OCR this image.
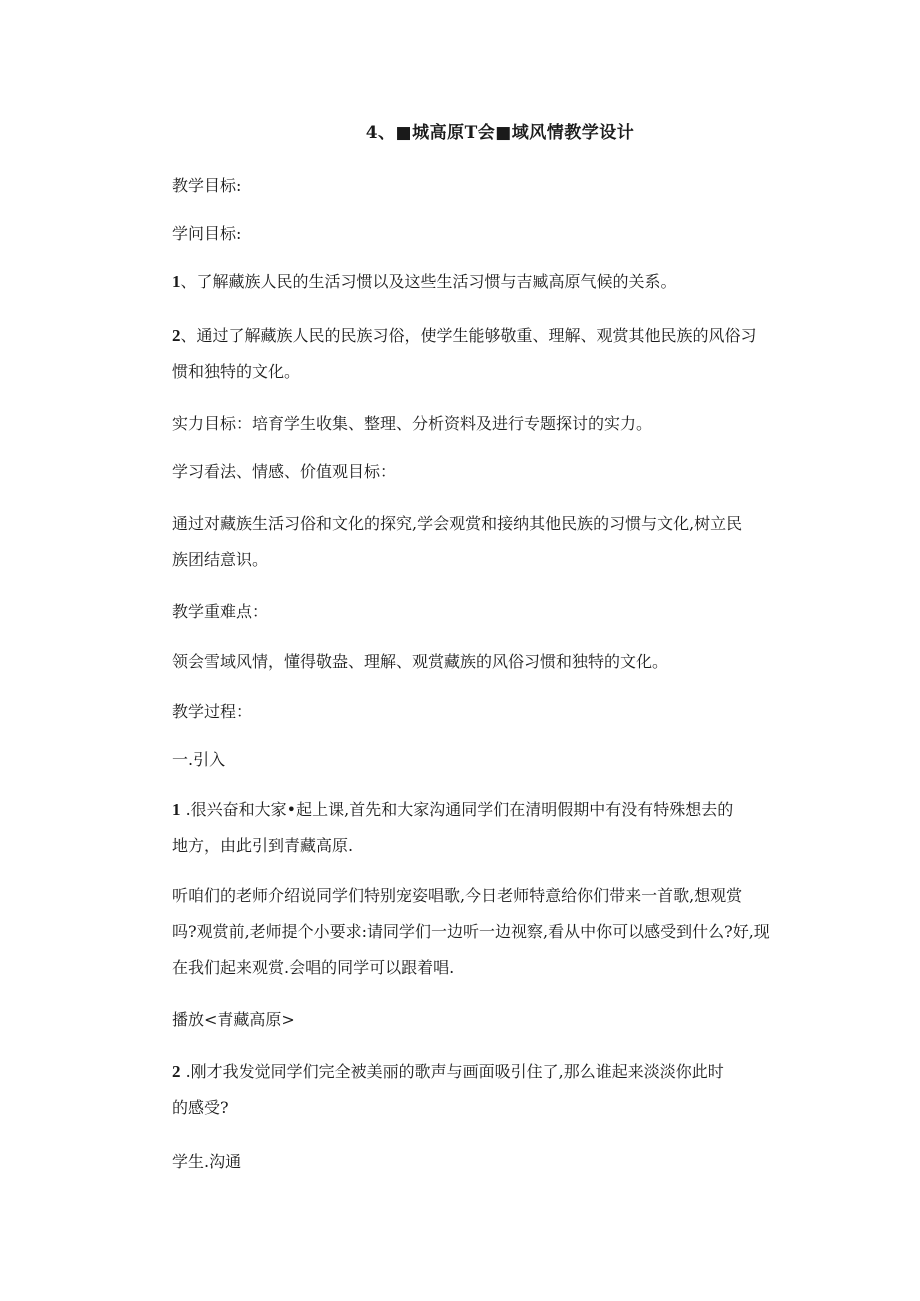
4、■城高原T会■域风情教学设计
教学目标:
学问目标:
1、了解藏族人民的生活习惯以及这些生活习惯与吉臧高原气候的关系。
2、通过了解藏族人民的民族习俗，使学生能够敬重、理解、观赏其他民族的风俗习
惯和独特的文化。
实力目标：培育学生收集、整理、分析资料及进行专题探讨的实力。
学习看法、情感、价值观目标：
通过对藏族生活习俗和文化的探究,学会观赏和接纳其他民族的习惯与文化,树立民
族团结意识。
教学重难点：
领会雪域风情，懂得敬盎、理解、观赏藏族的风俗习惯和独特的文化。
教学过程：
一.引入
1 .很兴奋和大家•起上课,首先和大家沟通同学们在清明假期中有没有特殊想去的
地方，由此引到青藏高原.
听咱们的老师介绍说同学们特别宠姿唱歌,今日老师特意给你们带来一首歌,想观赏
吗?观赏前,老师提个小要求:请同学们一边听一边视察,看从中你可以感受到什么?好,现
在我们起来观赏.会唱的同学可以跟着唱.
播放<青藏高原>
2 .刚才我发觉同学们完全被美丽的歌声与画面吸引住了,那么谁起来淡淡你此时
的感受?
学生.沟通
